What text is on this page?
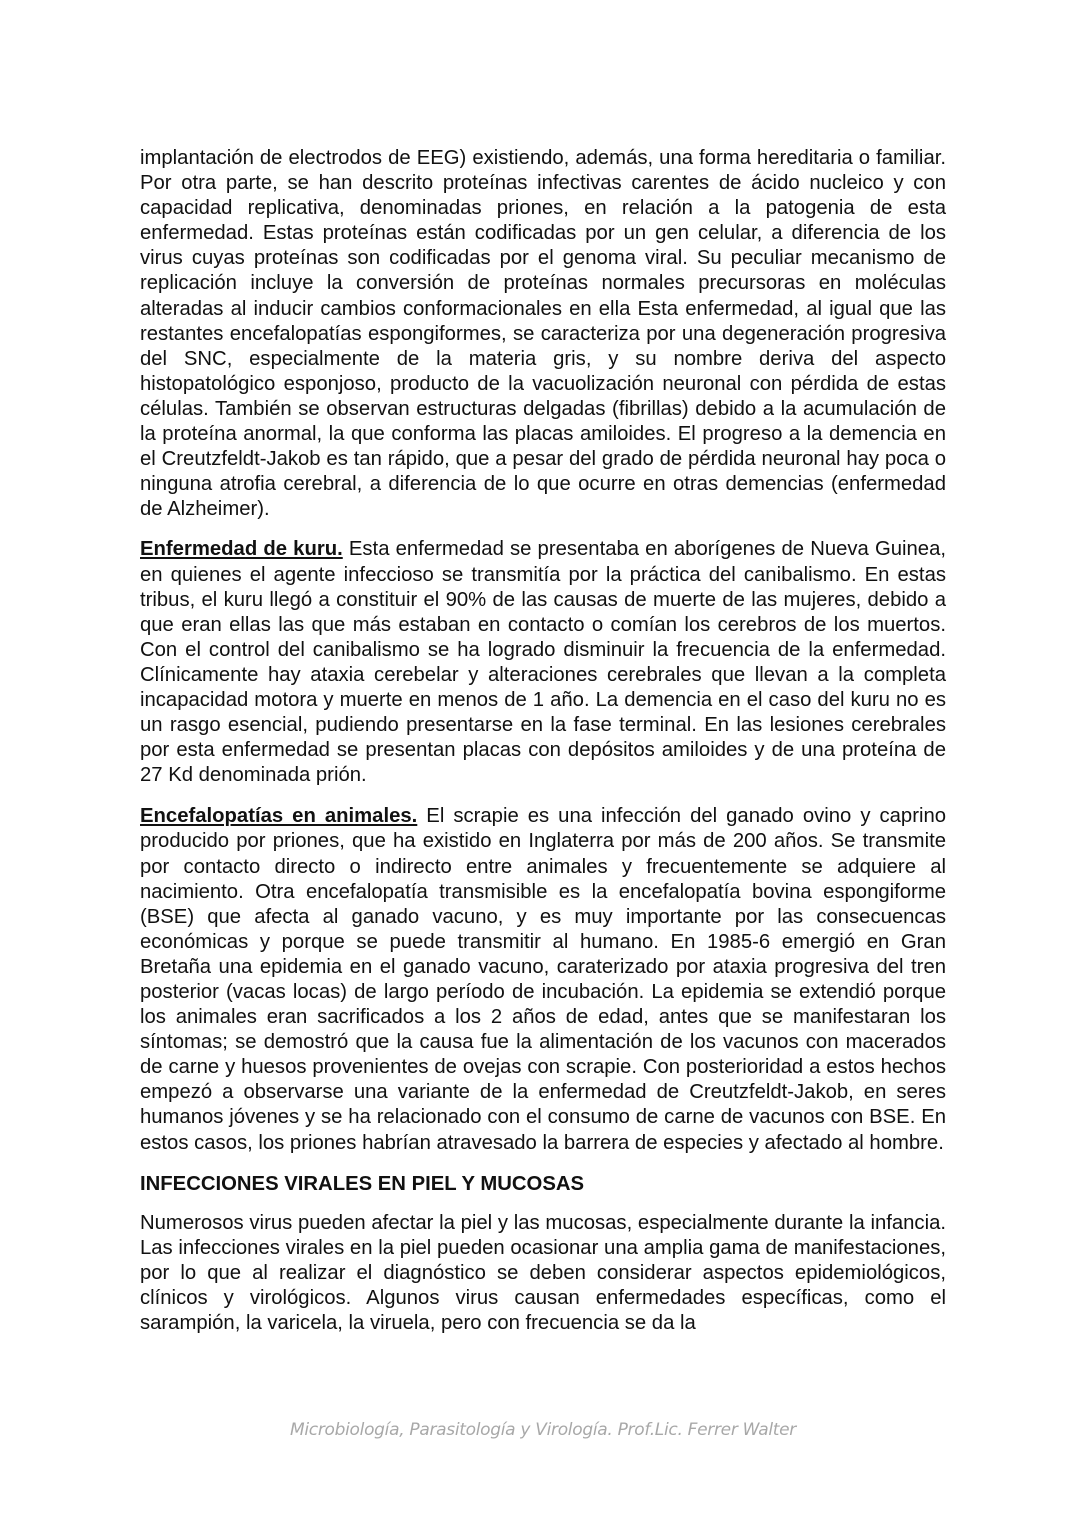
implantación de electrodos de EEG) existiendo, además, una forma hereditaria o familiar. Por otra parte, se han descrito proteínas infectivas carentes de ácido nucleico y con capacidad replicativa, denominadas priones, en relación a la patogenia de esta enfermedad. Estas proteínas están codificadas por un gen celular, a diferencia de los virus cuyas proteínas son codificadas por el genoma viral. Su peculiar mecanismo de replicación incluye la conversión de proteínas normales precursoras en moléculas alteradas al inducir cambios conformacionales en ella Esta enfermedad, al igual que las restantes encefalopatías espongiformes, se caracteriza por una degeneración progresiva del SNC, especialmente de la materia gris, y su nombre deriva del aspecto histopatológico esponjoso, producto de la vacuolización neuronal con pérdida de estas células. También se observan estructuras delgadas (fibrillas) debido a la acumulación de la proteína anormal, la que conforma las placas amiloides. El progreso a la demencia en el Creutzfeldt-Jakob es tan rápido, que a pesar del grado de pérdida neuronal hay poca o ninguna atrofia cerebral, a diferencia de lo que ocurre en otras demencias (enfermedad de Alzheimer).

Enfermedad de kuru. Esta enfermedad se presentaba en aborígenes de Nueva Guinea, en quienes el agente infeccioso se transmitía por la práctica del canibalismo. En estas tribus, el kuru llegó a constituir el 90% de las causas de muerte de las mujeres, debido a que eran ellas las que más estaban en contacto o comían los cerebros de los muertos. Con el control del canibalismo se ha logrado disminuir la frecuencia de la enfermedad. Clínicamente hay ataxia cerebelar y alteraciones cerebrales que llevan a la completa incapacidad motora y muerte en menos de 1 año. La demencia en el caso del kuru no es un rasgo esencial, pudiendo presentarse en la fase terminal. En las lesiones cerebrales por esta enfermedad se presentan placas con depósitos amiloides y de una proteína de 27 Kd denominada prión.

Encefalopatías en animales. El scrapie es una infección del ganado ovino y caprino producido por priones, que ha existido en Inglaterra por más de 200 años. Se transmite por contacto directo o indirecto entre animales y frecuentemente se adquiere al nacimiento. Otra encefalopatía transmisible es la encefalopatía bovina espongiforme (BSE) que afecta al ganado vacuno, y es muy importante por las consecuencas económicas y porque se puede transmitir al humano. En 1985-6 emergió en Gran Bretaña una epidemia en el ganado vacuno, caraterizado por ataxia progresiva del tren posterior (vacas locas) de largo período de incubación. La epidemia se extendió porque los animales eran sacrificados a los 2 años de edad, antes que se manifestaran los síntomas; se demostró que la causa fue la alimentación de los vacunos con macerados de carne y huesos provenientes de ovejas con scrapie. Con posterioridad a estos hechos empezó a observarse una variante de la enfermedad de Creutzfeldt-Jakob, en seres humanos jóvenes y se ha relacionado con el consumo de carne de vacunos con BSE. En estos casos, los priones habrían atravesado la barrera de especies y afectado al hombre.

INFECCIONES VIRALES EN PIEL Y MUCOSAS

Numerosos virus pueden afectar la piel y las mucosas, especialmente durante la infancia. Las infecciones virales en la piel pueden ocasionar una amplia gama de manifestaciones, por lo que al realizar el diagnóstico se deben considerar aspectos epidemiológicos, clínicos y virológicos. Algunos virus causan enfermedades específicas, como el sarampión, la varicela, la viruela, pero con frecuencia se da la

Microbiología, Parasitología y Virología. Prof.Lic. Ferrer Walter
